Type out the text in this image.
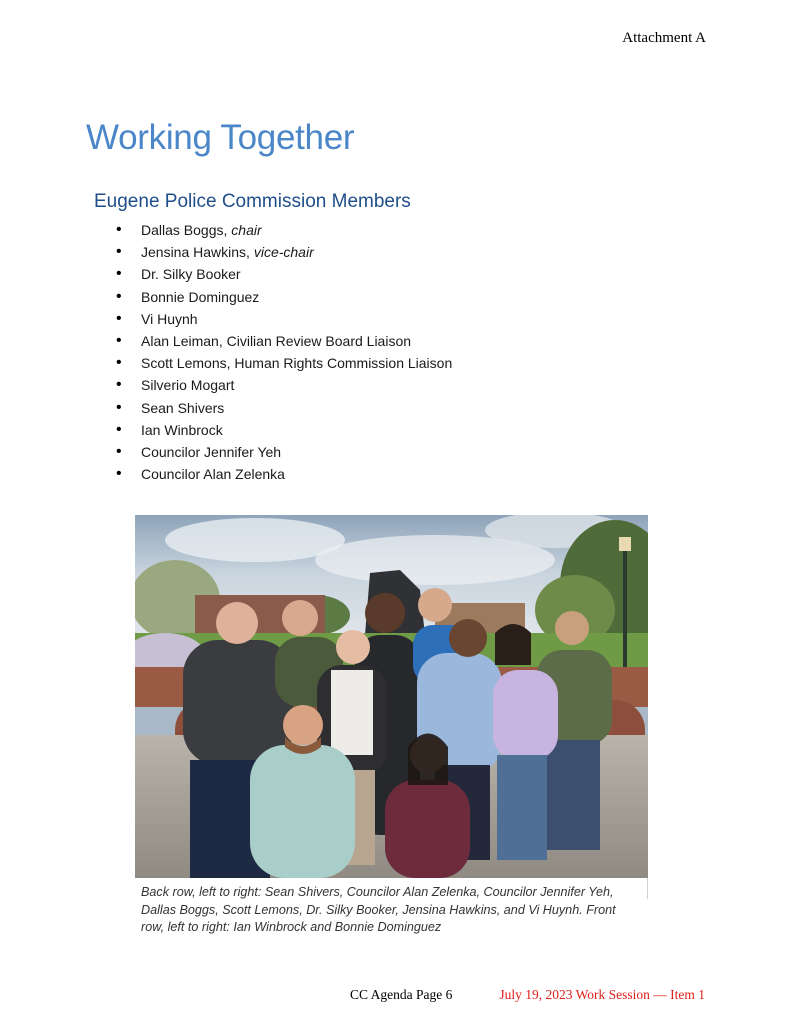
Attachment A
Working Together
Eugene Police Commission Members
• Dallas Boggs, chair
• Jensina Hawkins, vice-chair
• Dr. Silky Booker
• Bonnie Dominguez
• Vi Huynh
• Alan Leiman, Civilian Review Board Liaison
• Scott Lemons, Human Rights Commission Liaison
• Silverio Mogart
• Sean Shivers
• Ian Winbrock
• Councilor Jennifer Yeh
• Councilor Alan Zelenka

Back row, left to right: Sean Shivers, Councilor Alan Zelenka, Councilor Jennifer Yeh, Dallas Boggs, Scott Lemons, Dr. Silky Booker, Jensina Hawkins, and Vi Huynh. Front row, left to right: Ian Winbrock and Bonnie Dominguez

CC Agenda Page 6	July 19, 2023 Work Session — Item 1
